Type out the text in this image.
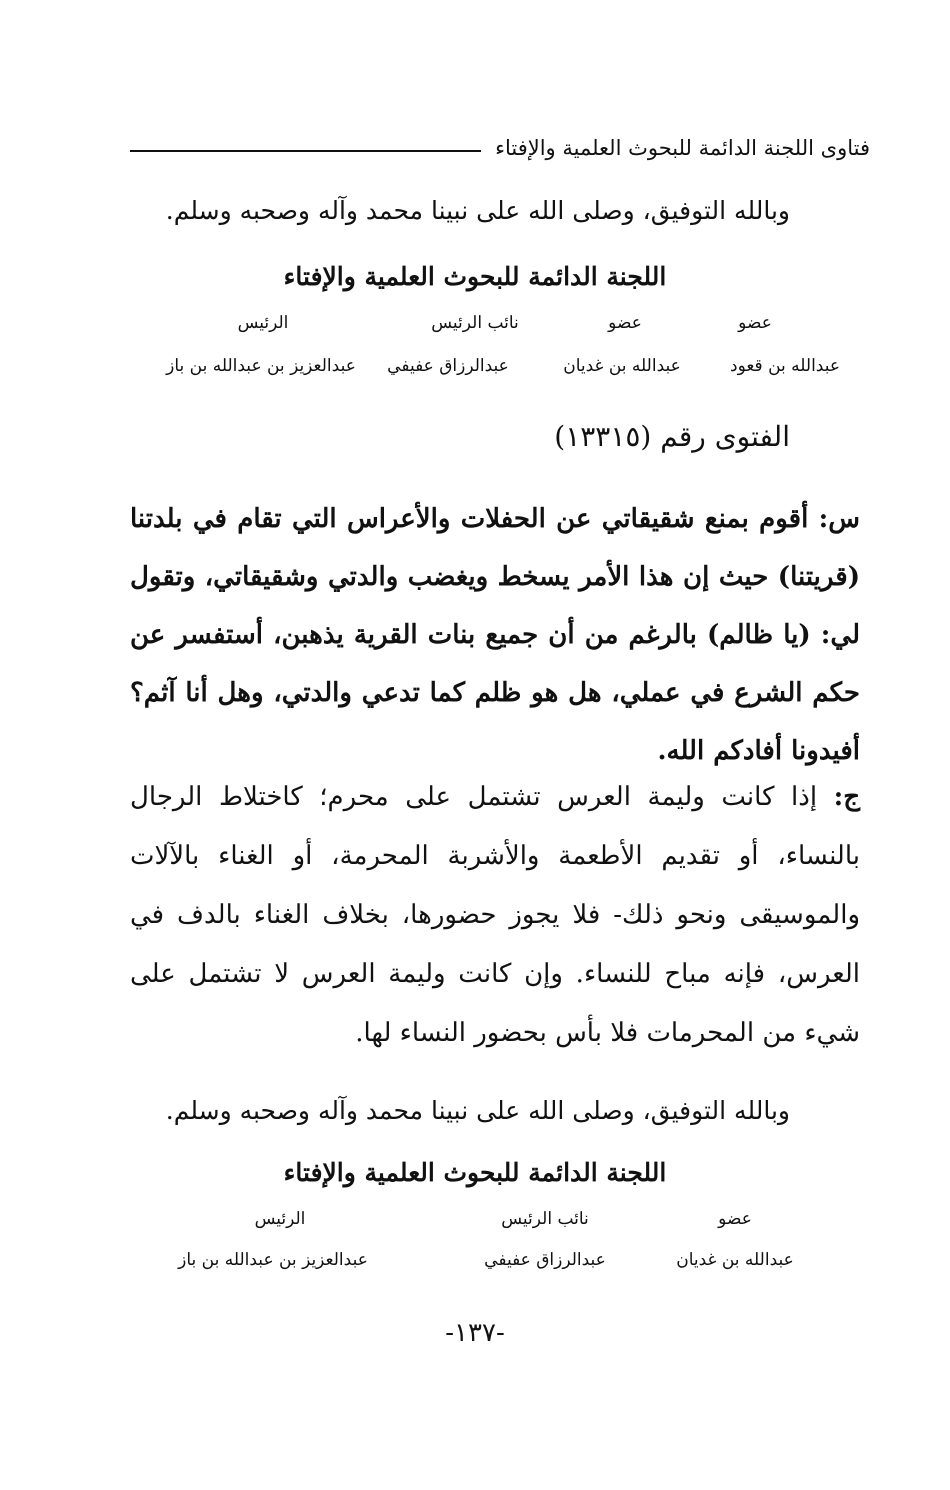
فتاوى اللجنة الدائمة للبحوث العلمية والإفتاء
وبالله التوفيق، وصلى الله على نبينا محمد وآله وصحبه وسلم.
اللجنة الدائمة للبحوث العلمية والإفتاء
عضو
عضو
نائب الرئيس
الرئيس
عبدالله بن قعود
عبدالله بن غديان
عبدالرزاق عفيفي
عبدالعزيز بن عبدالله بن باز
الفتوى رقم (١٣٣١٥)

س: أقوم بمنع شقيقاتي عن الحفلات والأعراس التي تقام في بلدتنا (قريتنا) حيث إن هذا الأمر يسخط ويغضب والدتي وشقيقاتي، وتقول لي: (يا ظالم) بالرغم من أن جميع بنات القرية يذهبن، أستفسر عن حكم الشرع في عملي، هل هو ظلم كما تدعي والدتي، وهل أنا آثم؟ أفيدونا أفادكم الله.

ج: إذا كانت وليمة العرس تشتمل على محرم؛ كاختلاط الرجال بالنساء، أو تقديم الأطعمة والأشربة المحرمة، أو الغناء بالآلات والموسيقى ونحو ذلك- فلا يجوز حضورها، بخلاف الغناء بالدف في العرس، فإنه مباح للنساء. وإن كانت وليمة العرس لا تشتمل على شيء من المحرمات فلا بأس بحضور النساء لها.

وبالله التوفيق، وصلى الله على نبينا محمد وآله وصحبه وسلم.
اللجنة الدائمة للبحوث العلمية والإفتاء
عضو
نائب الرئيس
الرئيس
عبدالله بن غديان
عبدالرزاق عفيفي
عبدالعزيز بن عبدالله بن باز
-١٣٧-
